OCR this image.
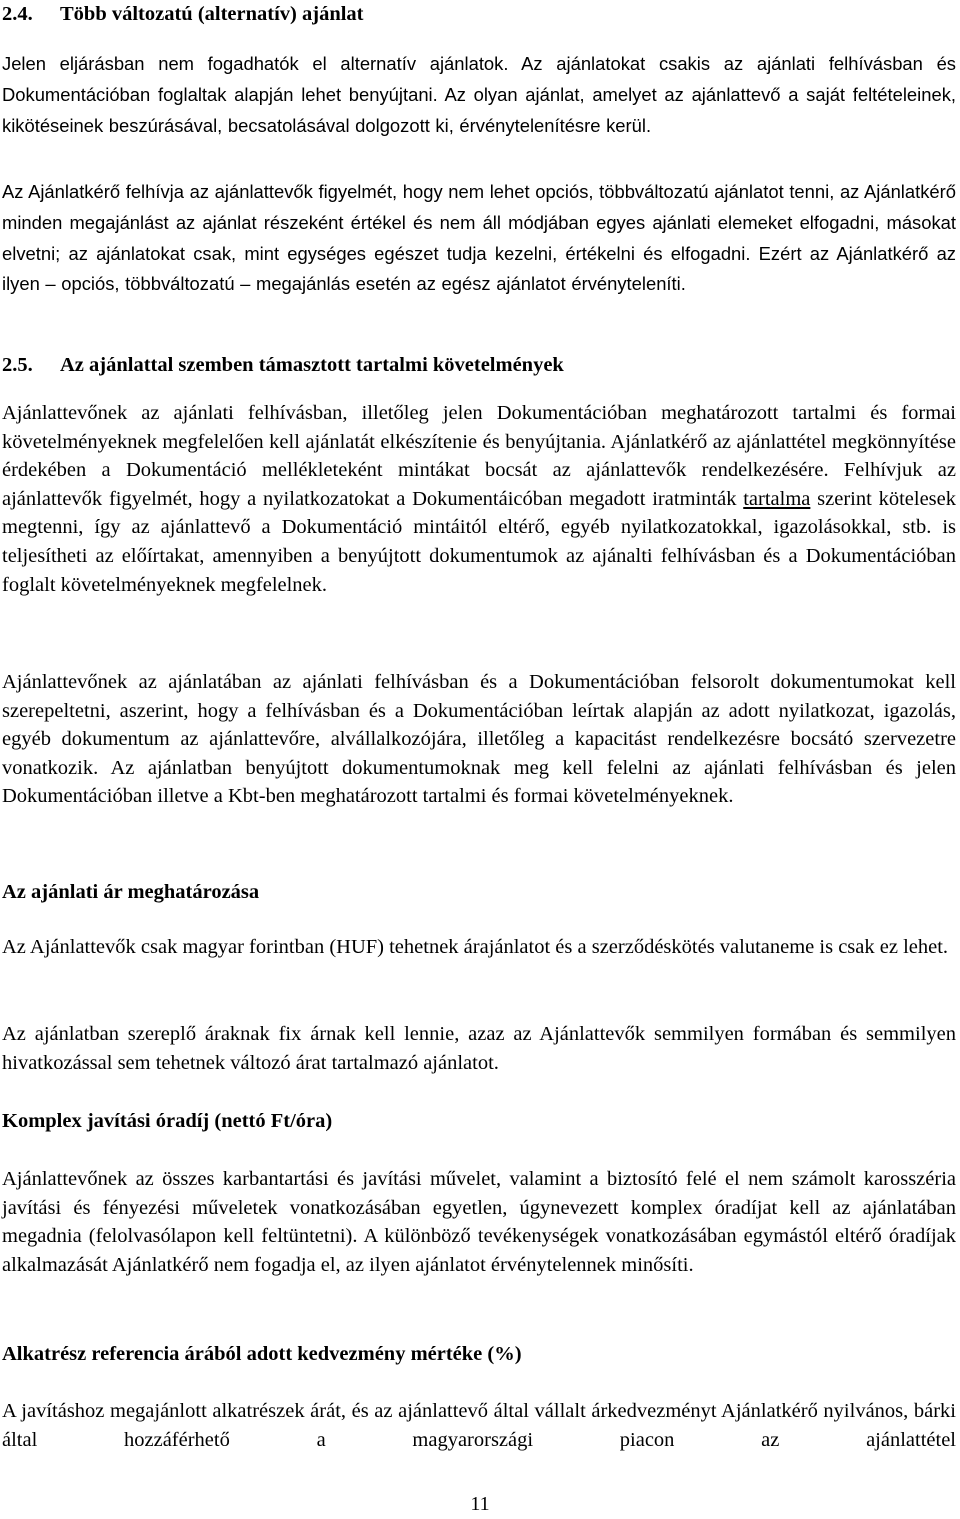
2.4. Több változatú (alternatív) ajánlat

Jelen eljárásban nem fogadhatók el alternatív ajánlatok. Az ajánlatokat csakis az ajánlati felhívásban és Dokumentációban foglaltak alapján lehet benyújtani. Az olyan ajánlat, amelyet az ajánlattevő a saját feltételeinek, kikötéseinek beszúrásával, becsatolásával dolgozott ki, érvénytelenítésre kerül.

Az Ajánlatkérő felhívja az ajánlattevők figyelmét, hogy nem lehet opciós, többváltozatú ajánlatot tenni, az Ajánlatkérő minden megajánlást az ajánlat részeként értékel és nem áll módjában egyes ajánlati elemeket elfogadni, másokat elvetni; az ajánlatokat csak, mint egységes egészet tudja kezelni, értékelni és elfogadni. Ezért az Ajánlatkérő az ilyen – opciós, többváltozatú – megajánlás esetén az egész ajánlatot érvényteleníti.

2.5. Az ajánlattal szemben támasztott tartalmi követelmények

Ajánlattevőnek az ajánlati felhívásban, illetőleg jelen Dokumentációban meghatározott tartalmi és formai követelményeknek megfelelően kell ajánlatát elkészítenie és benyújtania. Ajánlatkérő az ajánlattétel megkönnyítése érdekében a Dokumentáció mellékleteként mintákat bocsát az ajánlattevők rendelkezésére. Felhívjuk az ajánlattevők figyelmét, hogy a nyilatkozatokat a Dokumentáicóban megadott iratminták tartalma szerint kötelesek megtenni, így az ajánlattevő a Dokumentáció mintáitól eltérő, egyéb nyilatkozatokkal, igazolásokkal, stb. is teljesítheti az előírtakat, amennyiben a benyújtott dokumentumok az ajánalti felhívásban és a Dokumentációban foglalt követelményeknek megfelelnek.

Ajánlattevőnek az ajánlatában az ajánlati felhívásban és a Dokumentációban felsorolt dokumentumokat kell szerepeltetni, aszerint, hogy a felhívásban és a Dokumentációban leírtak alapján az adott nyilatkozat, igazolás, egyéb dokumentum az ajánlattevőre, alvállalkozójára, illetőleg a kapacitást rendelkezésre bocsátó szervezetre vonatkozik. Az ajánlatban benyújtott dokumentumoknak meg kell felelni az ajánlati felhívásban és jelen Dokumentációban illetve a Kbt-ben meghatározott tartalmi és formai követelményeknek.

Az ajánlati ár meghatározása

Az Ajánlattevők csak magyar forintban (HUF) tehetnek árajánlatot és a szerződéskötés valutaneme is csak ez lehet.

Az ajánlatban szereplő áraknak fix árnak kell lennie, azaz az Ajánlattevők semmilyen formában és semmilyen hivatkozással sem tehetnek változó árat tartalmazó ajánlatot.

Komplex javítási óradíj (nettó Ft/óra)

Ajánlattevőnek az összes karbantartási és javítási művelet, valamint a biztosító felé el nem számolt karosszéria javítási és fényezési műveletek vonatkozásában egyetlen, úgynevezett komplex óradíjat kell az ajánlatában megadnia (felolvasólapon kell feltüntetni). A különböző tevékenységek vonatkozásában egymástól eltérő óradíjak alkalmazását Ajánlatkérő nem fogadja el, az ilyen ajánlatot érvénytelennek minősíti.

Alkatrész referencia árából adott kedvezmény mértéke (%)

A javításhoz megajánlott alkatrészek árát, és az ajánlattevő által vállalt árkedvezményt Ajánlatkérő nyilvános, bárki által hozzáférhető a magyarországi piacon az ajánlattétel

11
